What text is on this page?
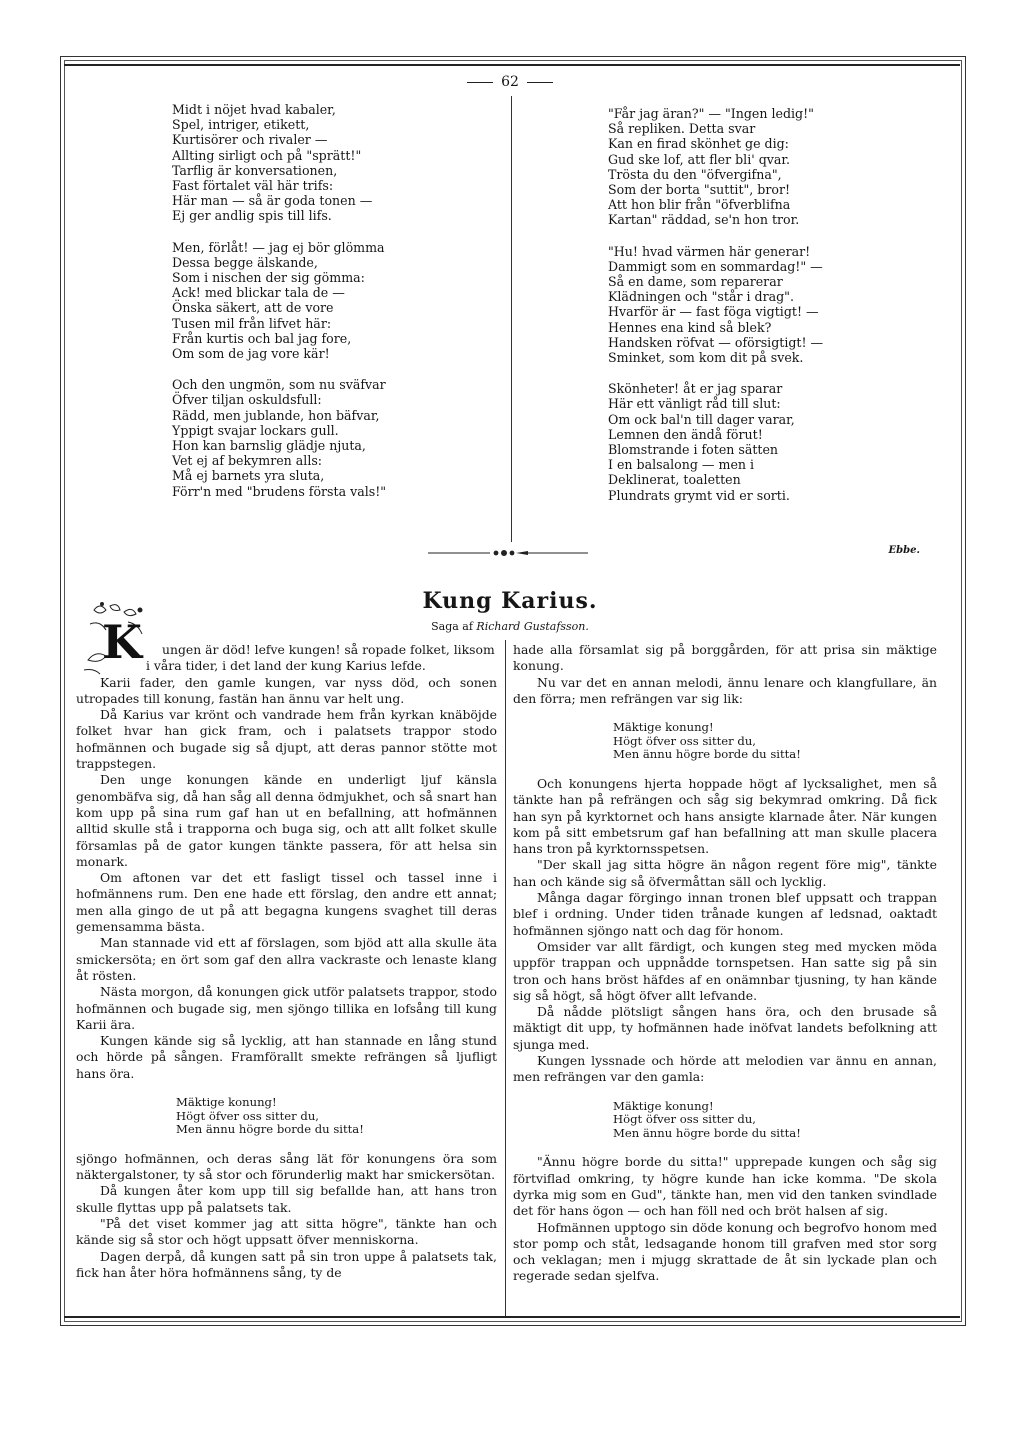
62
Midt i nöjet hvad kabaler,
Spel, intriger, etikett,
Kurtisörer och rivaler —
Allting sirligt och på "sprätt!"
Tarflig är konversationen,
Fast förtalet väl här trifs:
Här man — så är goda tonen —
Ej ger andlig spis till lifs.
Men, förlåt! — jag ej bör glömma
Dessa begge älskande,
Som i nischen der sig gömma:
Ack! med blickar tala de —
Önska säkert, att de vore
Tusen mil från lifvet här:
Från kurtis och bal jag fore,
Om som de jag vore kär!
Och den ungmön, som nu sväfvar
Öfver tiljan oskuldsfull:
Rädd, men jublande, hon bäfvar,
Yppigt svajar lockars gull.
Hon kan barnslig glädje njuta,
Vet ej af bekymren alls:
Må ej barnets yra sluta,
Förr'n med "brudens första vals!"
"Får jag äran?" — "Ingen ledig!"
Så repliken. Detta svar
Kan en firad skönhet ge dig:
Gud ske lof, att fler bli' qvar.
Trösta du den "öfvergifna",
Som der borta "suttit", bror!
Att hon blir från "öfverblifna
Kartan" räddad, se'n hon tror.
"Hu! hvad värmen här generar!
Dammigt som en sommardag!" —
Så en dame, som reparerar
Klädningen och "står i drag".
Hvarför är — fast föga vigtigt! —
Hennes ena kind så blek?
Handsken röfvat — oförsigtigt! —
Sminket, som kom dit på svek.
Skönheter! åt er jag sparar
Här ett vänligt råd till slut:
Om ock bal'n till dager varar,
Lemnen den ändå förut!
Blomstrande i foten sätten
I en balsalong — men i
Deklinerat, toaletten
Plundrats grymt vid er sorti.
Ebbe.
Kung Karius.
Saga af Richard Gustafsson.
K	ungen är död! lefve kungen! så ropade folket, liksom

i våra tider, i det land der kung Karius lefde.

Karii fader, den gamle kungen, var nyss död, och sonen utropades till konung, fastän han ännu var helt ung.

Då Karius var krönt och vandrade hem från kyrkan knäböjde folket hvar han gick fram, och i palatsets trappor stodo hofmännen och bugade sig så djupt, att deras pannor stötte mot trappstegen.

Den unge konungen kände en underligt ljuf känsla genombäfva sig, då han såg all denna ödmjukhet, och så snart han kom upp på sina rum gaf han ut en befallning, att hofmännen alltid skulle stå i trapporna och buga sig, och att allt folket skulle församlas på de gator kungen tänkte passera, för att helsa sin monark.

Om aftonen var det ett fasligt tissel och tassel inne i hofmännens rum. Den ene hade ett förslag, den andre ett annat; men alla gingo de ut på att begagna kungens svaghet till deras gemensamma bästa.

Man stannade vid ett af förslagen, som bjöd att alla skulle äta smickersöta; en ört som gaf den allra vackraste och lenaste klang åt rösten.

Nästa morgon, då konungen gick utför palatsets trappor, stodo hofmännen och bugade sig, men sjöngo tillika en lofsång till kung Karii ära.

Kungen kände sig så lycklig, att han stannade en lång stund och hörde på sången. Framförallt smekte refrängen så ljufligt hans öra.

Mäktige konung!
Högt öfver oss sitter du,
Men ännu högre borde du sitta!

sjöngo hofmännen, och deras sång lät för konungens öra som näktergalstoner, ty så stor och förunderlig makt har smickersötan.

Då kungen åter kom upp till sig befallde han, att hans tron skulle flyttas upp på palatsets tak.

"På det viset kommer jag att sitta högre", tänkte han och kände sig så stor och högt uppsatt öfver menniskorna.

Dagen derpå, då kungen satt på sin tron uppe å palatsets tak, fick han åter höra hofmännens sång, ty de

hade alla församlat sig på borggården, för att prisa sin mäktige konung.

Nu var det en annan melodi, ännu lenare och klangfullare, än den förra; men refrängen var sig lik:

Mäktige konung!
Högt öfver oss sitter du,
Men ännu högre borde du sitta!

Och konungens hjerta hoppade högt af lycksalighet, men så tänkte han på refrängen och såg sig bekymrad omkring. Då fick han syn på kyrktornet och hans ansigte klarnade åter. När kungen kom på sitt embetsrum gaf han befallning att man skulle placera hans tron på kyrktornsspetsen.

"Der skall jag sitta högre än någon regent före mig", tänkte han och kände sig så öfvermåttan säll och lycklig.

Många dagar förgingo innan tronen blef uppsatt och trappan blef i ordning. Under tiden trånade kungen af ledsnad, oaktadt hofmännen sjöngo natt och dag för honom.

Omsider var allt färdigt, och kungen steg med mycken möda uppför trappan och uppnådde tornspetsen. Han satte sig på sin tron och hans bröst häfdes af en onämnbar tjusning, ty han kände sig så högt, så högt öfver allt lefvande.

Då nådde plötsligt sången hans öra, och den brusade så mäktigt dit upp, ty hofmännen hade inöfvat landets befolkning att sjunga med.

Kungen lyssnade och hörde att melodien var ännu en annan, men refrängen var den gamla:

Mäktige konung!
Högt öfver oss sitter du,
Men ännu högre borde du sitta!

"Ännu högre borde du sitta!" upprepade kungen och såg sig förtviflad omkring, ty högre kunde han icke komma. "De skola dyrka mig som en Gud", tänkte han, men vid den tanken svindlade det för hans ögon — och han föll ned och bröt halsen af sig.

Hofmännen upptogo sin döde konung och begrofvo honom med stor pomp och ståt, ledsagande honom till grafven med stor sorg och veklagan; men i mjugg skrattade de åt sin lyckade plan och regerade sedan sjelfva.
